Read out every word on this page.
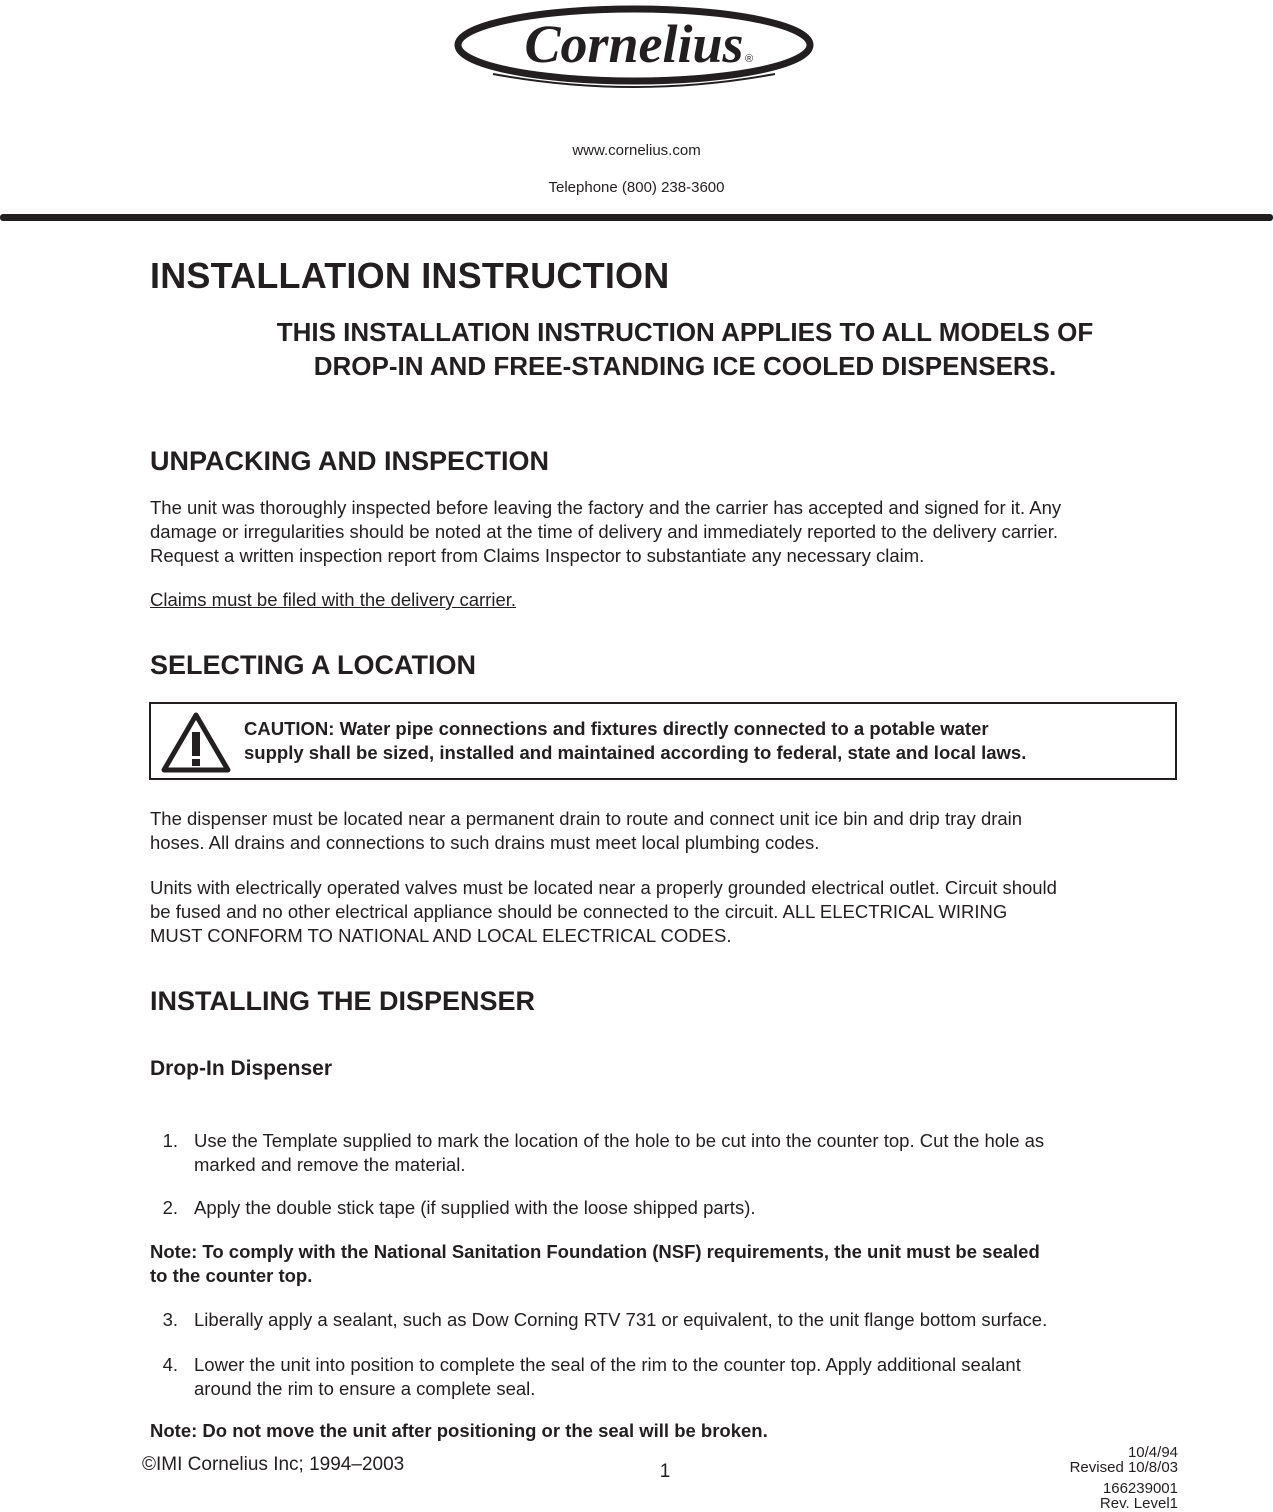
Cornelius ®
www.cornelius.com
Telephone (800) 238-3600
INSTALLATION INSTRUCTION
THIS INSTALLATION INSTRUCTION APPLIES TO ALL MODELS OF
DROP-IN AND FREE-STANDING ICE COOLED DISPENSERS.
UNPACKING AND INSPECTION
The unit was thoroughly inspected before leaving the factory and the carrier has accepted and signed for it. Any
damage or irregularities should be noted at the time of delivery and immediately reported to the delivery carrier.
Request a written inspection report from Claims Inspector to substantiate any necessary claim.
Claims must be filed with the delivery carrier.
SELECTING A LOCATION
CAUTION: Water pipe connections and fixtures directly connected to a potable water
supply shall be sized, installed and maintained according to federal, state and local laws.
The dispenser must be located near a permanent drain to route and connect unit ice bin and drip tray drain
hoses. All drains and connections to such drains must meet local plumbing codes.
Units with electrically operated valves must be located near a properly grounded electrical outlet. Circuit should
be fused and no other electrical appliance should be connected to the circuit. ALL ELECTRICAL WIRING
MUST CONFORM TO NATIONAL AND LOCAL ELECTRICAL CODES.
INSTALLING THE DISPENSER
Drop-In Dispenser
1. Use the Template supplied to mark the location of the hole to be cut into the counter top. Cut the hole as
marked and remove the material.
2. Apply the double stick tape (if supplied with the loose shipped parts).
Note: To comply with the National Sanitation Foundation (NSF) requirements, the unit must be sealed
to the counter top.
3. Liberally apply a sealant, such as Dow Corning RTV 731 or equivalent, to the unit flange bottom surface.
4. Lower the unit into position to complete the seal of the rim to the counter top. Apply additional sealant
around the rim to ensure a complete seal.
Note: Do not move the unit after positioning or the seal will be broken.
©IMI Cornelius Inc; 1994–2003	1
10/4/94
Revised 10/8/03
166239001
Rev. Level1
